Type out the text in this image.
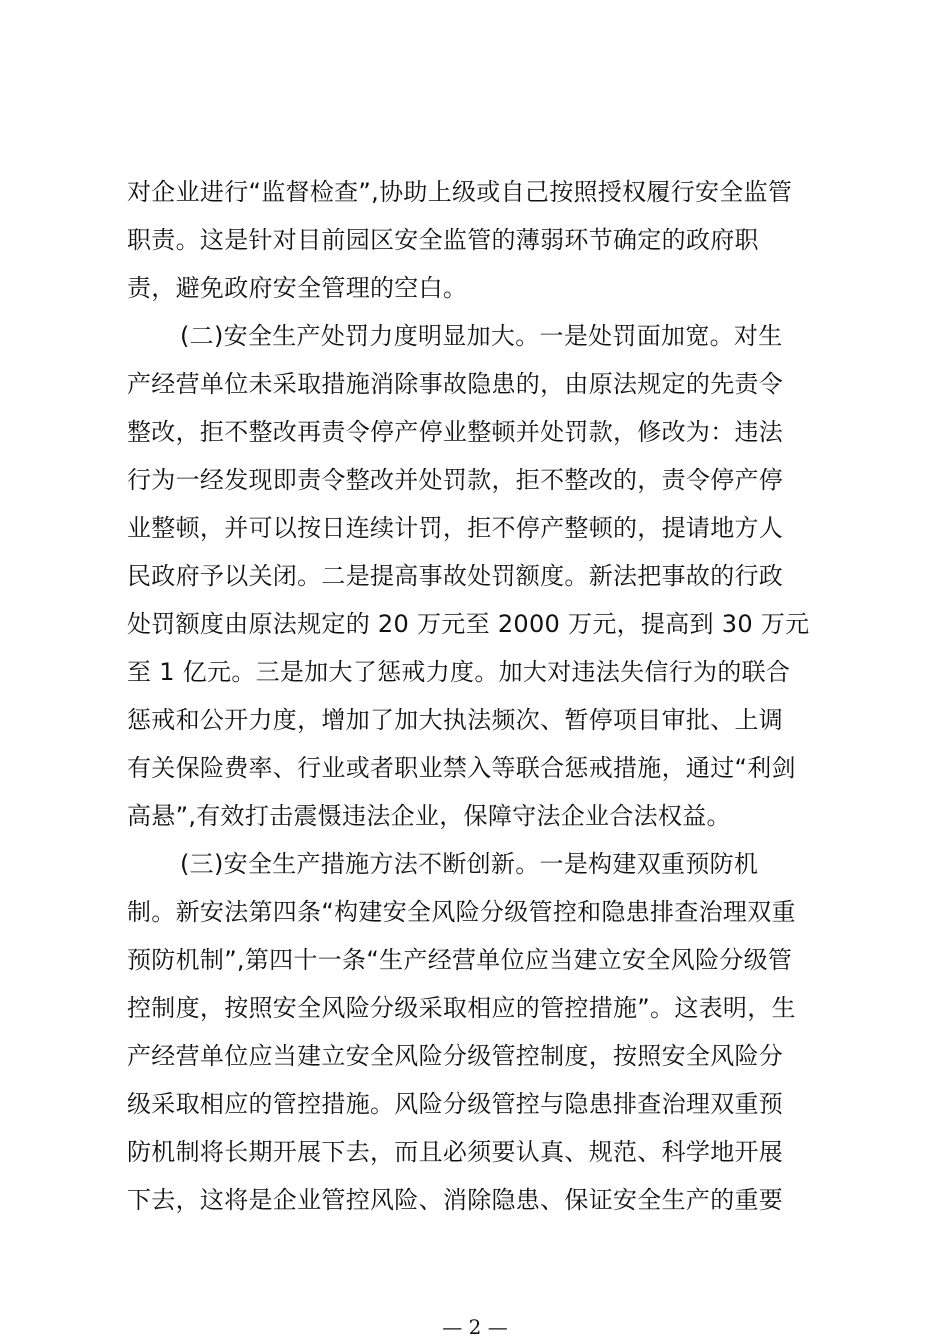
对企业进行“监督检查”,协助上级或自己按照授权履行安全监管
职责。这是针对目前园区安全监管的薄弱环节确定的政府职
责，避免政府安全管理的空白。
(二)安全生产处罚力度明显加大。一是处罚面加宽。对生
产经营单位未采取措施消除事故隐患的，由原法规定的先责令
整改，拒不整改再责令停产停业整顿并处罚款，修改为：违法
行为一经发现即责令整改并处罚款，拒不整改的，责令停产停
业整顿，并可以按日连续计罚，拒不停产整顿的，提请地方人
民政府予以关闭。二是提高事故处罚额度。新法把事故的行政
处罚额度由原法规定的 20 万元至 2000 万元，提高到 30 万元
至 1 亿元。三是加大了惩戒力度。加大对违法失信行为的联合
惩戒和公开力度，增加了加大执法频次、暂停项目审批、上调
有关保险费率、行业或者职业禁入等联合惩戒措施，通过“利剑
高悬”,有效打击震慑违法企业，保障守法企业合法权益。
(三)安全生产措施方法不断创新。一是构建双重预防机
制。新安法第四条“构建安全风险分级管控和隐患排查治理双重
预防机制”,第四十一条“生产经营单位应当建立安全风险分级管
控制度，按照安全风险分级采取相应的管控措施”。这表明，生
产经营单位应当建立安全风险分级管控制度，按照安全风险分
级采取相应的管控措施。风险分级管控与隐患排查治理双重预
防机制将长期开展下去，而且必须要认真、规范、科学地开展
下去，这将是企业管控风险、消除隐患、保证安全生产的重要
— 2 —
